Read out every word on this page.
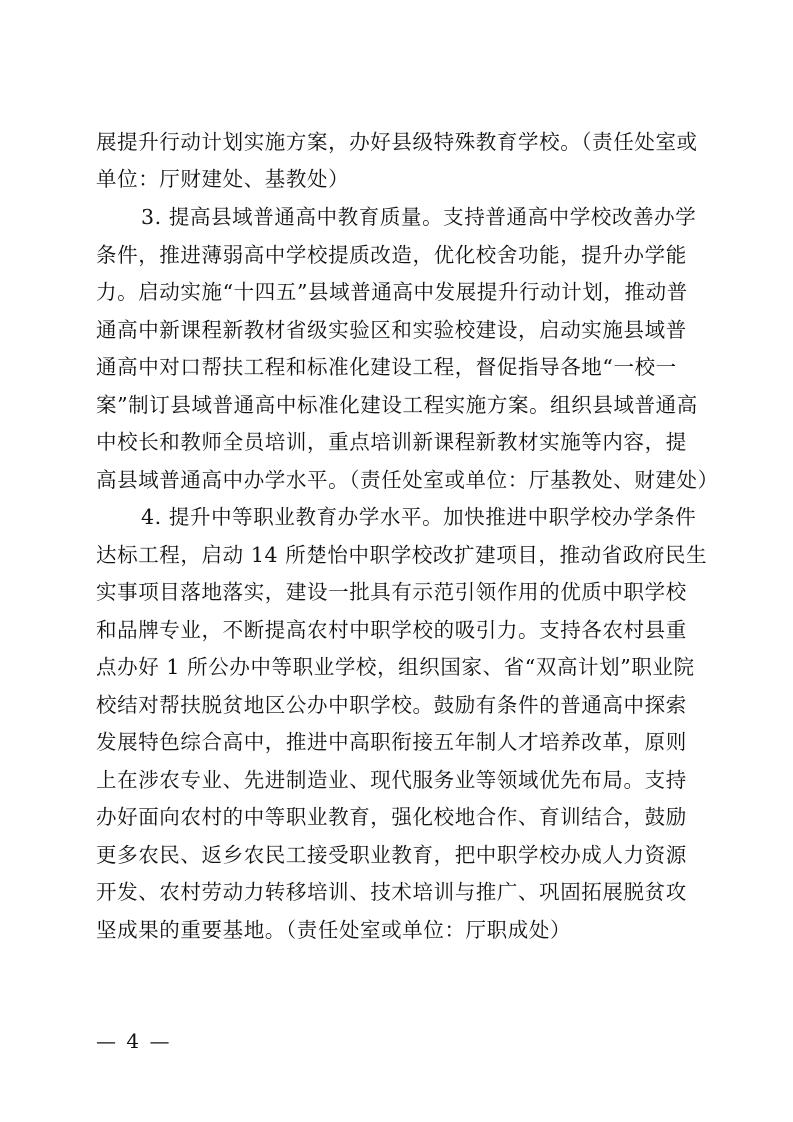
展提升行动计划实施方案，办好县级特殊教育学校。（责任处室或
单位：厅财建处、基教处）
3. 提高县域普通高中教育质量。支持普通高中学校改善办学
条件，推进薄弱高中学校提质改造，优化校舍功能，提升办学能
力。启动实施“十四五”县域普通高中发展提升行动计划，推动普
通高中新课程新教材省级实验区和实验校建设，启动实施县域普
通高中对口帮扶工程和标准化建设工程，督促指导各地“一校一
案”制订县域普通高中标准化建设工程实施方案。组织县域普通高
中校长和教师全员培训，重点培训新课程新教材实施等内容，提
高县域普通高中办学水平。（责任处室或单位：厅基教处、财建处）
4. 提升中等职业教育办学水平。加快推进中职学校办学条件
达标工程，启动 14 所楚怡中职学校改扩建项目，推动省政府民生
实事项目落地落实，建设一批具有示范引领作用的优质中职学校
和品牌专业，不断提高农村中职学校的吸引力。支持各农村县重
点办好 1 所公办中等职业学校，组织国家、省“双高计划”职业院
校结对帮扶脱贫地区公办中职学校。鼓励有条件的普通高中探索
发展特色综合高中，推进中高职衔接五年制人才培养改革，原则
上在涉农专业、先进制造业、现代服务业等领域优先布局。支持
办好面向农村的中等职业教育，强化校地合作、育训结合，鼓励
更多农民、返乡农民工接受职业教育，把中职学校办成人力资源
开发、农村劳动力转移培训、技术培训与推广、巩固拓展脱贫攻
坚成果的重要基地。（责任处室或单位：厅职成处）
— 4 —
